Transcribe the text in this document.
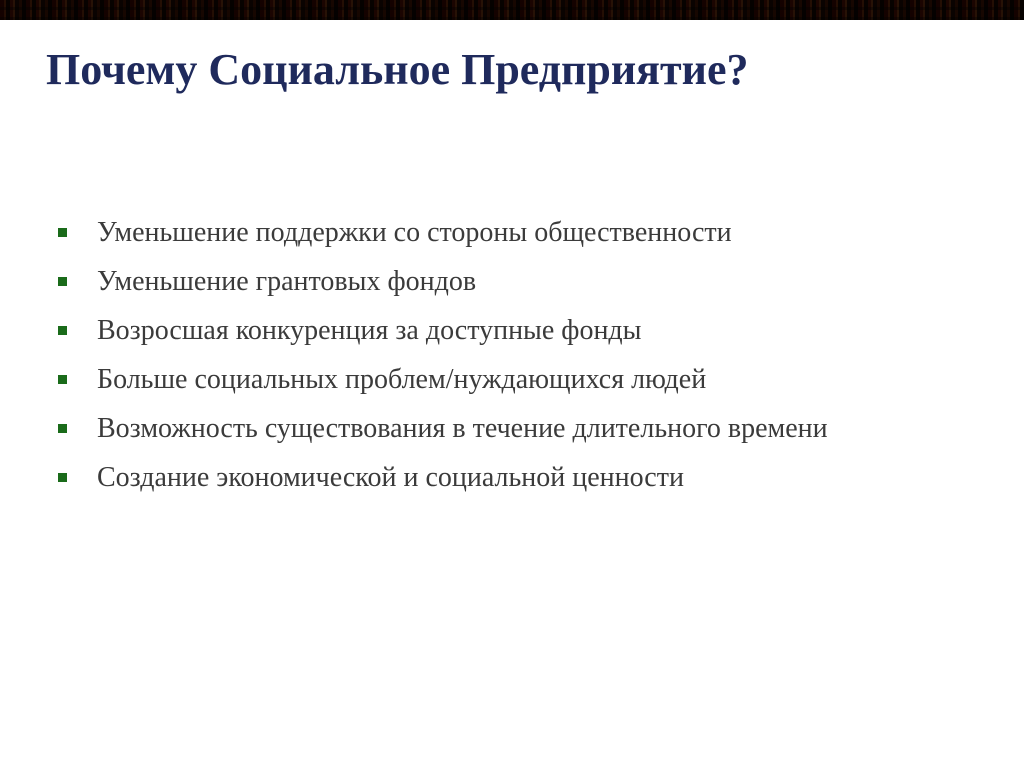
Почему Социальное Предприятие?
Уменьшение поддержки со стороны общественности
Уменьшение грантовых фондов
Возросшая конкуренция за доступные фонды
Больше социальных проблем/нуждающихся людей
Возможность существования в течение длительного времени
Создание экономической и социальной ценности
